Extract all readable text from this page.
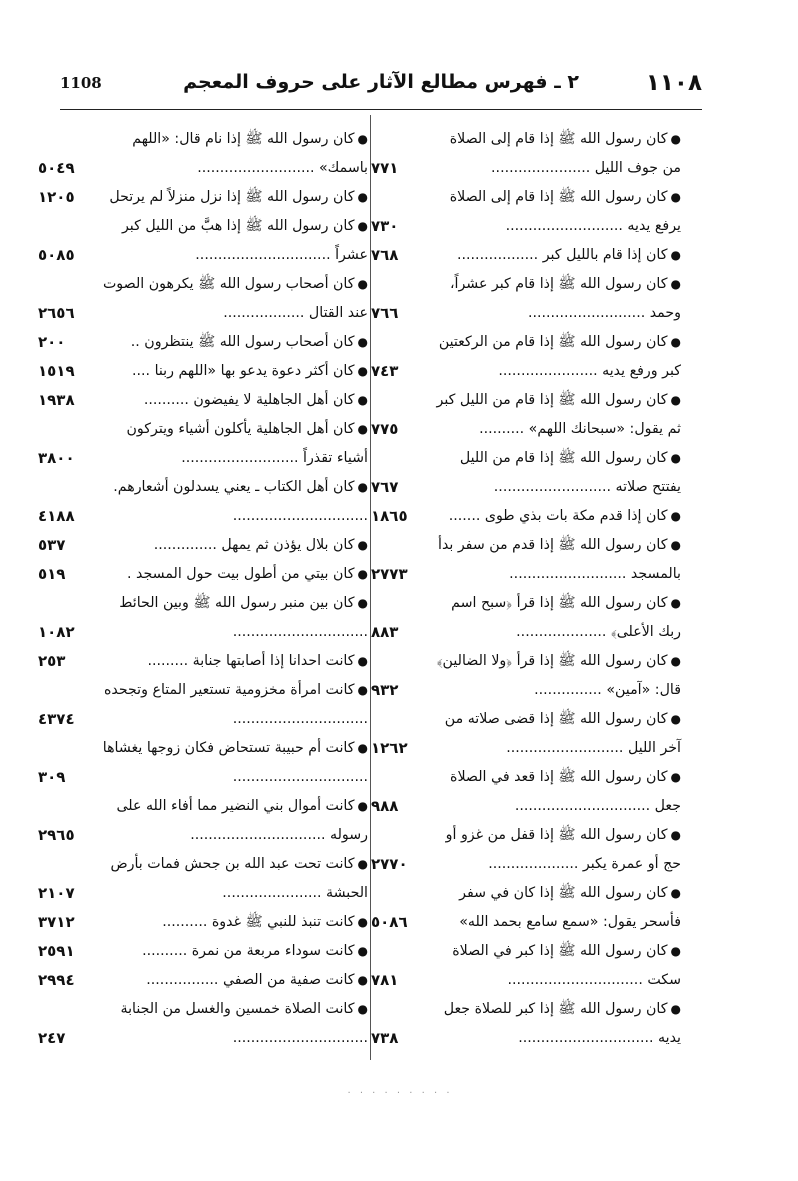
١١٠٨
٢ ـ فهرس مطالع الآثار على حروف المعجم
1108
●كان رسول الله ﷺ إذا قام إلى الصلاة من جوف الليل ......................
٧٧١
●كان رسول الله ﷺ إذا قام إلى الصلاة يرفع يديه ..........................
٧٣٠
●كان إذا قام بالليل كبر ..................
٧٦٨
●كان رسول الله ﷺ إذا قام كبر عشراً، وحمد ..........................
٧٦٦
●كان رسول الله ﷺ إذا قام من الركعتين كبر ورفع يديه ......................
٧٤٣
●كان رسول الله ﷺ إذا قام من الليل كبر ثم يقول: «سبحانك اللهم» ..........
٧٧٥
●كان رسول الله ﷺ إذا قام من الليل يفتتح صلاته ..........................
٧٦٧
●كان إذا قدم مكة بات بذي طوى .......
١٨٦٥
●كان رسول الله ﷺ إذا قدم من سفر بدأ بالمسجد ..........................
٢٧٧٣
●كان رسول الله ﷺ إذا قرأ ﴿سبح اسم ربك الأعلى﴾ ....................
٨٨٣
●كان رسول الله ﷺ إذا قرأ ﴿ولا الضالين﴾ قال: «آمين» ...............
٩٣٢
●كان رسول الله ﷺ إذا قضى صلاته من آخر الليل ..........................
١٢٦٢
●كان رسول الله ﷺ إذا قعد في الصلاة جعل ..............................
٩٨٨
●كان رسول الله ﷺ إذا قفل من غزو أو حج أو عمرة يكبر ....................
٢٧٧٠
●كان رسول الله ﷺ إذا كان في سفر فأسحر يقول: «سمع سامع بحمد الله»
٥٠٨٦
●كان رسول الله ﷺ إذا كبر في الصلاة سكت ..............................
٧٨١
●كان رسول الله ﷺ إذا كبر للصلاة جعل يديه ..............................
٧٣٨
●كان رسول الله ﷺ إذا نام قال: «اللهم باسمك» ..........................
٥٠٤٩
●كان رسول الله ﷺ إذا نزل منزلاً لم يرتحل
١٢٠٥
●كان رسول الله ﷺ إذا هبَّ من الليل كبر عشراً ..............................
٥٠٨٥
●كان أصحاب رسول الله ﷺ يكرهون الصوت عند القتال ..................
٢٦٥٦
●كان أصحاب رسول الله ﷺ ينتظرون ..
٢٠٠
●كان أكثر دعوة يدعو بها «اللهم ربنا ....
١٥١٩
●كان أهل الجاهلية لا يفيضون ..........
١٩٣٨
●كان أهل الجاهلية يأكلون أشياء ويتركون أشياء تقذراً ..........................
٣٨٠٠
●كان أهل الكتاب ـ يعني يسدلون أشعارهم. ..............................
٤١٨٨
●كان بلال يؤذن ثم يمهل ..............
٥٣٧
●كان بيتي من أطول بيت حول المسجد .
٥١٩
●كان بين منبر رسول الله ﷺ وبين الحائط ..............................
١٠٨٢
●كانت احدانا إذا أصابتها جنابة .........
٢٥٣
●كانت امرأة مخزومية تستعير المتاع وتجحده ..............................
٤٣٧٤
●كانت أم حبيبة تستحاض فكان زوجها يغشاها ..............................
٣٠٩
●كانت أموال بني النضير مما أفاء الله على رسوله ..............................
٢٩٦٥
●كانت تحت عبد الله بن جحش فمات بأرض الحبشة ......................
٢١٠٧
●كانت تنبذ للنبي ﷺ غدوة ..........
٣٧١٢
●كانت سوداء مربعة من نمرة ..........
٢٥٩١
●كانت صفية من الصفي ................
٢٩٩٤
●كانت الصلاة خمسين والغسل من الجنابة ..............................
٢٤٧
· · · · · · · · ·
